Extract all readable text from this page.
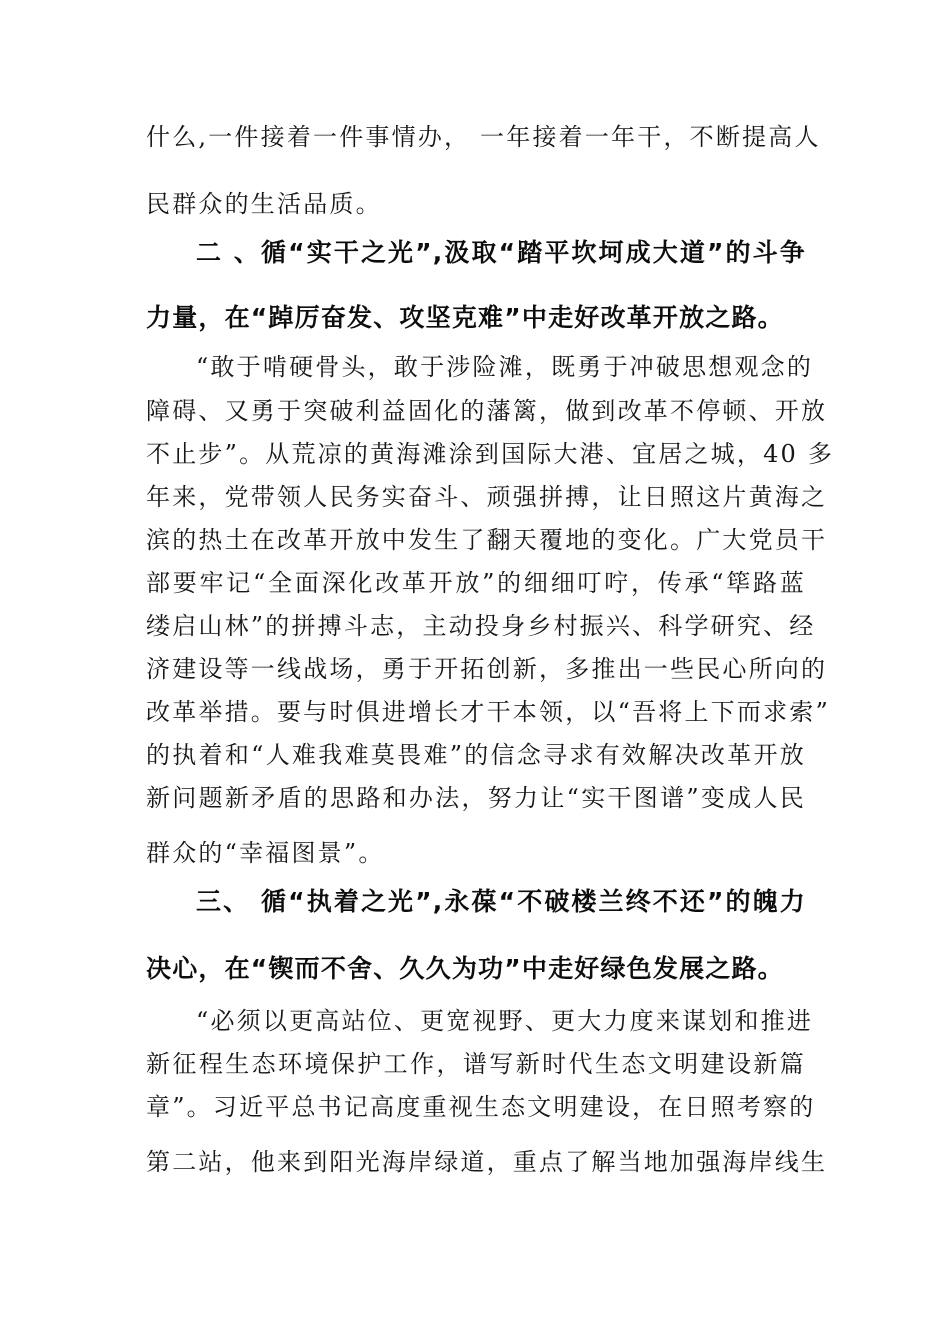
什么,一件接着一件事情办， 一年接着一年干，不断提高人
民群众的生活品质。
二 、循“实干之光”,汲取“踏平坎坷成大道”的斗争
力量，在“踔厉奋发、攻坚克难”中走好改革开放之路。
“敢于啃硬骨头，敢于涉险滩，既勇于冲破思想观念的
障碍、又勇于突破利益固化的藩篱，做到改革不停顿、开放
不止步”。从荒凉的黄海滩涂到国际大港、宜居之城，40 多
年来，党带领人民务实奋斗、顽强拼搏，让日照这片黄海之
滨的热土在改革开放中发生了翻天覆地的变化。广大党员干
部要牢记“全面深化改革开放”的细细叮咛，传承“筚路蓝
缕启山林”的拼搏斗志，主动投身乡村振兴、科学研究、经
济建设等一线战场，勇于开拓创新，多推出一些民心所向的
改革举措。要与时俱进增长才干本领，以“吾将上下而求索”
的执着和“人难我难莫畏难”的信念寻求有效解决改革开放
新问题新矛盾的思路和办法，努力让“实干图谱”变成人民
群众的“幸福图景”。
三、 循“执着之光”,永葆“不破楼兰终不还”的魄力
决心，在“锲而不舍、久久为功”中走好绿色发展之路。
“必须以更高站位、更宽视野、更大力度来谋划和推进
新征程生态环境保护工作，谱写新时代生态文明建设新篇
章”。习近平总书记高度重视生态文明建设，在日照考察的
第二站，他来到阳光海岸绿道，重点了解当地加强海岸线生
